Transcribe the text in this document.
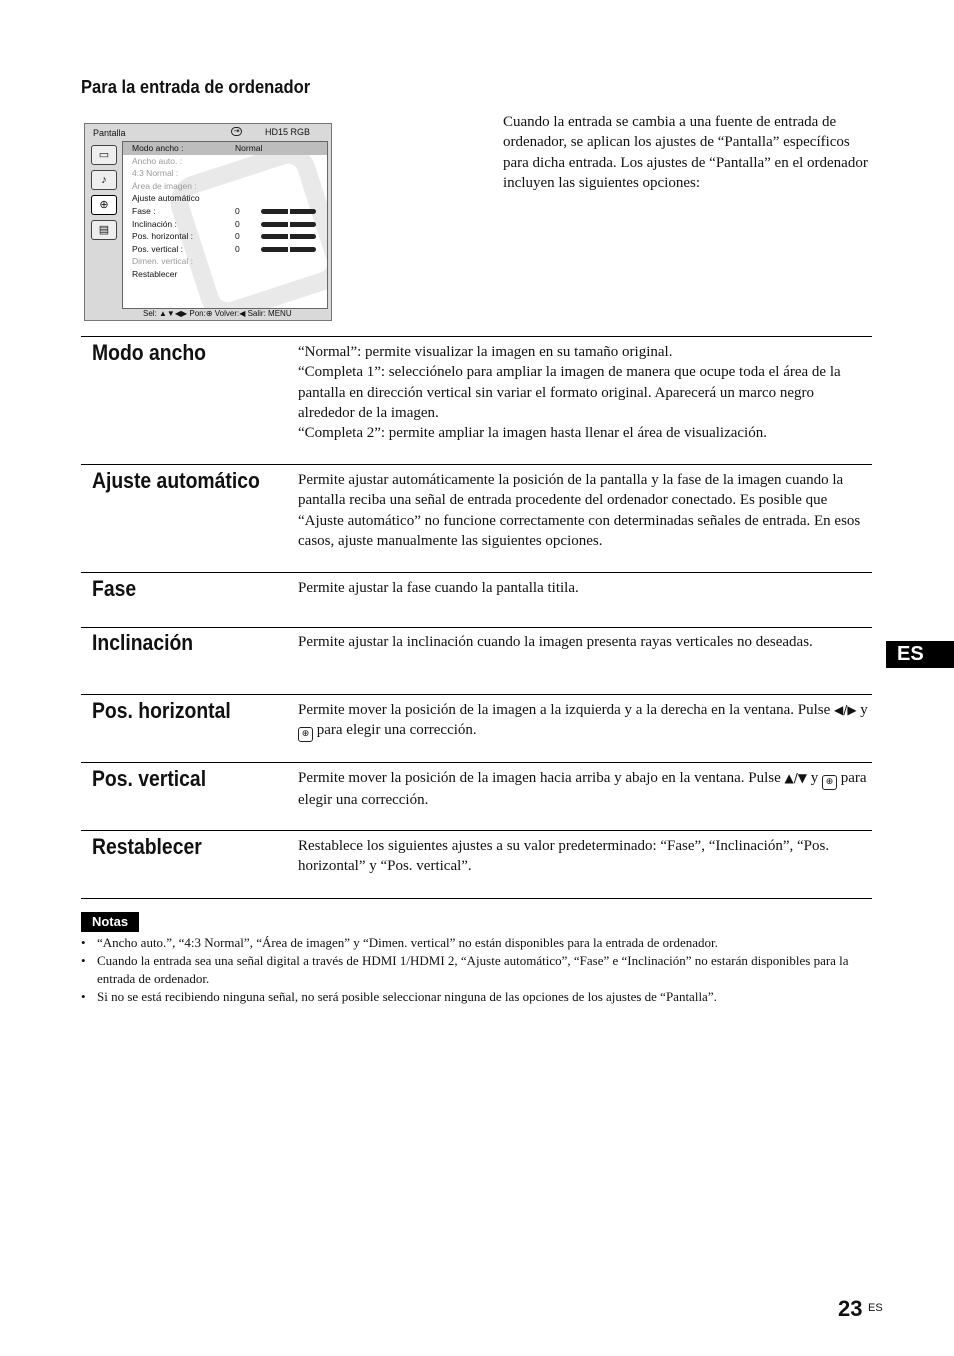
Para la entrada de ordenador
Pantalla	⇥	HD15 RGB
▭
♪
⊕
▤
Modo ancho :	Normal
Ancho auto. :
4:3 Normal :
Área de imagen :
Ajuste automático
Fase :	0
Inclinación :	0
Pos. horizontal :	0
Pos. vertical :	0
Dimen. vertical :
Restablecer
Sel: ▲▼◀▶ Pon:⊕ Volver:◀ Salir: MENU
Cuando la entrada se cambia a una fuente de entrada de ordenador, se aplican los ajustes de “Pantalla” específicos para dicha entrada. Los ajustes de “Pantalla” en el ordenador incluyen las siguientes opciones:
Modo ancho	“Normal”: permite visualizar la imagen en su tamaño original.
“Completa 1”: selecciónelo para ampliar la imagen de manera que ocupe toda el área de la pantalla en dirección vertical sin variar el formato original. Aparecerá un marco negro alrededor de la imagen.
“Completa 2”: permite ampliar la imagen hasta llenar el área de visualización.
Ajuste automático	Permite ajustar automáticamente la posición de la pantalla y la fase de la imagen cuando la pantalla reciba una señal de entrada procedente del ordenador conectado. Es posible que “Ajuste automático” no funcione correctamente con determinadas señales de entrada. En esos casos, ajuste manualmente las siguientes opciones.
Fase	Permite ajustar la fase cuando la pantalla titila.
Inclinación	Permite ajustar la inclinación cuando la imagen presenta rayas verticales no deseadas.
Pos. horizontal	Permite mover la posición de la imagen a la izquierda y a la derecha en la ventana. Pulse ◀/▶ y ⊕ para elegir una corrección.
Pos. vertical	Permite mover la posición de la imagen hacia arriba y abajo en la ventana. Pulse ▲/▼ y ⊕ para elegir una corrección.
Restablecer	Restablece los siguientes ajustes a su valor predeterminado: “Fase”, “Inclinación”, “Pos. horizontal” y “Pos. vertical”.
ES
Notas
• “Ancho auto.”, “4:3 Normal”, “Área de imagen” y “Dimen. vertical” no están disponibles para la entrada de ordenador.
• Cuando la entrada sea una señal digital a través de HDMI 1/HDMI 2, “Ajuste automático”, “Fase” e “Inclinación” no estarán disponibles para la entrada de ordenador.
• Si no se está recibiendo ninguna señal, no será posible seleccionar ninguna de las opciones de los ajustes de “Pantalla”.
23 ES
